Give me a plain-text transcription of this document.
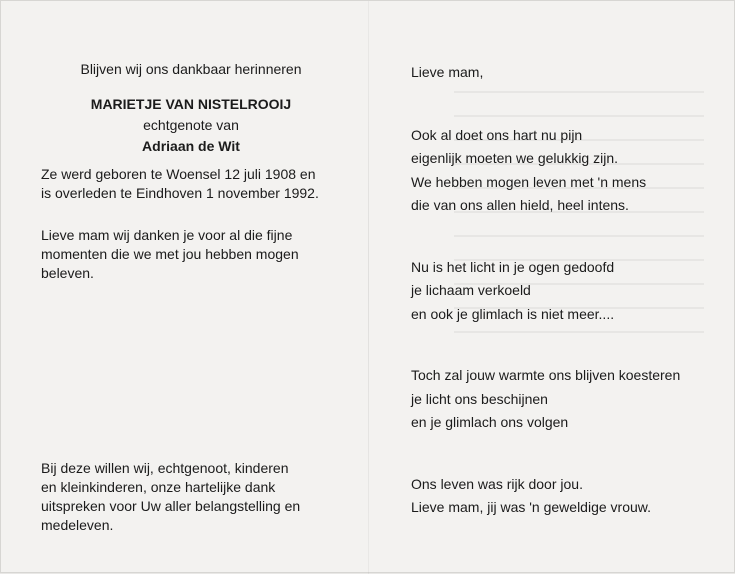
Blijven wij ons dankbaar herinneren
MARIETJE VAN NISTELROOIJ
echtgenote van
Adriaan de Wit
Ze werd geboren te Woensel 12 juli 1908 en
is overleden te Eindhoven 1 november 1992.
Lieve mam wij danken je voor al die fijne
momenten die we met jou hebben mogen
beleven.
Bij deze willen wij, echtgenoot, kinderen
en kleinkinderen, onze hartelijke dank
uitspreken voor Uw aller belangstelling en
medeleven.
Lieve mam,
Ook al doet ons hart nu pijn
eigenlijk moeten we gelukkig zijn.
We hebben mogen leven met 'n mens
die van ons allen hield, heel intens.
Nu is het licht in je ogen gedoofd
je lichaam verkoeld
en ook je glimlach is niet meer....
Toch zal jouw warmte ons blijven koesteren
je licht ons beschijnen
en je glimlach ons volgen
Ons leven was rijk door jou.
Lieve mam, jij was 'n geweldige vrouw.
